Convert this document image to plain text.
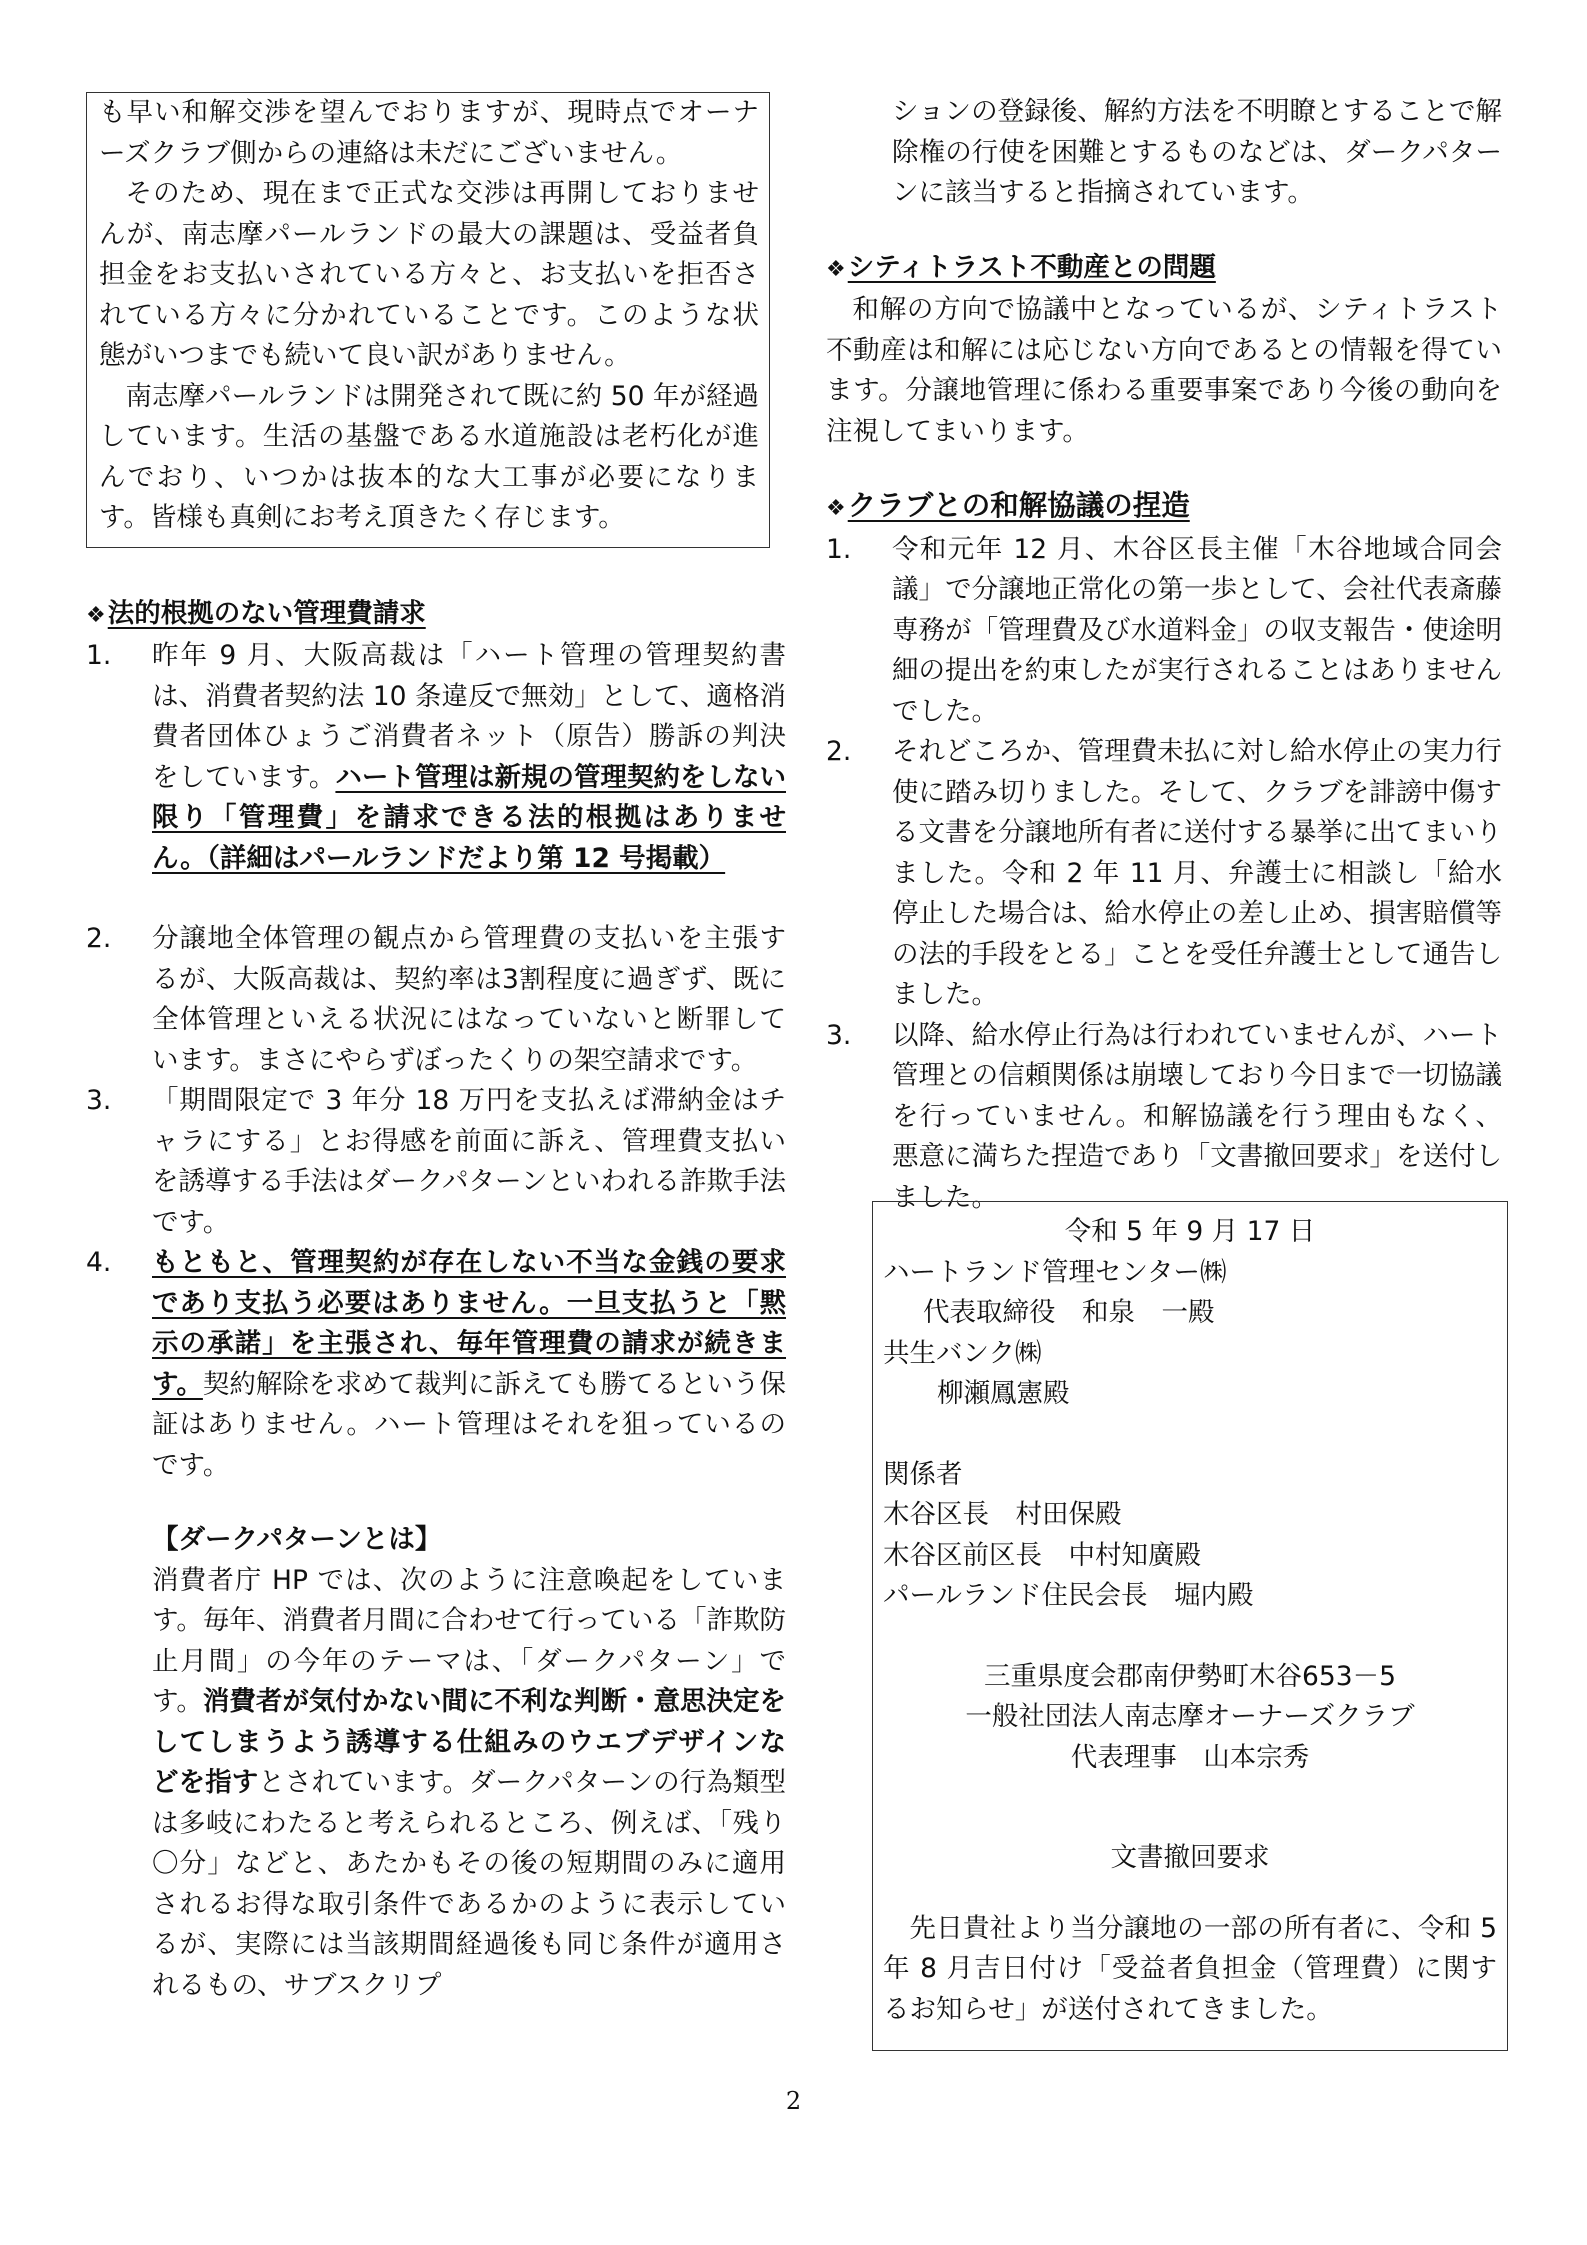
も早い和解交渉を望んでおりますが、現時点でオーナーズクラブ側からの連絡は未だにございません。

そのため、現在まで正式な交渉は再開しておりませんが、南志摩パールランドの最大の課題は、受益者負担金をお支払いされている方々と、お支払いを拒否されている方々に分かれていることです。このような状態がいつまでも続いて良い訳がありません。

南志摩パールランドは開発されて既に約 50 年が経過しています。生活の基盤である水道施設は老朽化が進んでおり、いつかは抜本的な大工事が必要になります。皆様も真剣にお考え頂きたく存じます。

❖法的根拠のない管理費請求

1. 昨年 9 月、大阪高裁は「ハート管理の管理契約書は、消費者契約法 10 条違反で無効」として、適格消費者団体ひょうご消費者ネット（原告）勝訴の判決をしています。ハート管理は新規の管理契約をしない限り「管理費」を請求できる法的根拠はありません。（詳細はパールランドだより第 12 号掲載）

2. 分譲地全体管理の観点から管理費の支払いを主張するが、大阪高裁は、契約率は3割程度に過ぎず、既に全体管理といえる状況にはなっていないと断罪しています。まさにやらずぼったくりの架空請求です。

3. 「期間限定で 3 年分 18 万円を支払えば滞納金はチャラにする」とお得感を前面に訴え、管理費支払いを誘導する手法はダークパターンといわれる詐欺手法です。

4. もともと、管理契約が存在しない不当な金銭の要求であり支払う必要はありません。一旦支払うと「黙示の承諾」を主張され、毎年管理費の請求が続きます。契約解除を求めて裁判に訴えても勝てるという保証はありません。ハート管理はそれを狙っているのです。

【ダークパターンとは】

消費者庁 HP では、次のように注意喚起をしています。毎年、消費者月間に合わせて行っている「詐欺防止月間」の今年のテーマは、「ダークパターン」です。消費者が気付かない間に不利な判断・意思決定をしてしまうよう誘導する仕組みのウエブデザインなどを指すとされています。ダークパターンの行為類型は多岐にわたると考えられるところ、例えば、「残り〇分」などと、あたかもその後の短期間のみに適用されるお得な取引条件であるかのように表示しているが、実際には当該期間経過後も同じ条件が適用されるもの、サブスクリプ

ションの登録後、解約方法を不明瞭とすることで解除権の行使を困難とするものなどは、ダークパターンに該当すると指摘されています。

❖シティトラスト不動産との問題

和解の方向で協議中となっているが、シティトラスト不動産は和解には応じない方向であるとの情報を得ています。分譲地管理に係わる重要事案であり今後の動向を注視してまいります。

❖クラブとの和解協議の捏造

1. 令和元年 12 月、木谷区長主催「木谷地域合同会議」で分譲地正常化の第一歩として、会社代表斎藤専務が「管理費及び水道料金」の収支報告・使途明細の提出を約束したが実行されることはありませんでした。

2. それどころか、管理費未払に対し給水停止の実力行使に踏み切りました。そして、クラブを誹謗中傷する文書を分譲地所有者に送付する暴挙に出てまいりました。令和 2 年 11 月、弁護士に相談し「給水停止した場合は、給水停止の差し止め、損害賠償等の法的手段をとる」ことを受任弁護士として通告しました。

3. 以降、給水停止行為は行われていませんが、ハート管理との信頼関係は崩壊しており今日まで一切協議を行っていません。和解協議を行う理由もなく、悪意に満ちた捏造であり「文書撤回要求」を送付しました。

令和 5 年 9 月 17 日

ハートランド管理センター㈱

代表取締役　和泉　一殿

共生バンク㈱

柳瀬鳳憲殿

関係者

木谷区長　村田保殿

木谷区前区長　中村知廣殿

パールランド住民会長　堀内殿

三重県度会郡南伊勢町木谷653－5

一般社団法人南志摩オーナーズクラブ

代表理事　山本宗秀

文書撤回要求

先日貴社より当分譲地の一部の所有者に、令和 5 年 8 月吉日付け「受益者負担金（管理費）に関するお知らせ」が送付されてきました。

2
